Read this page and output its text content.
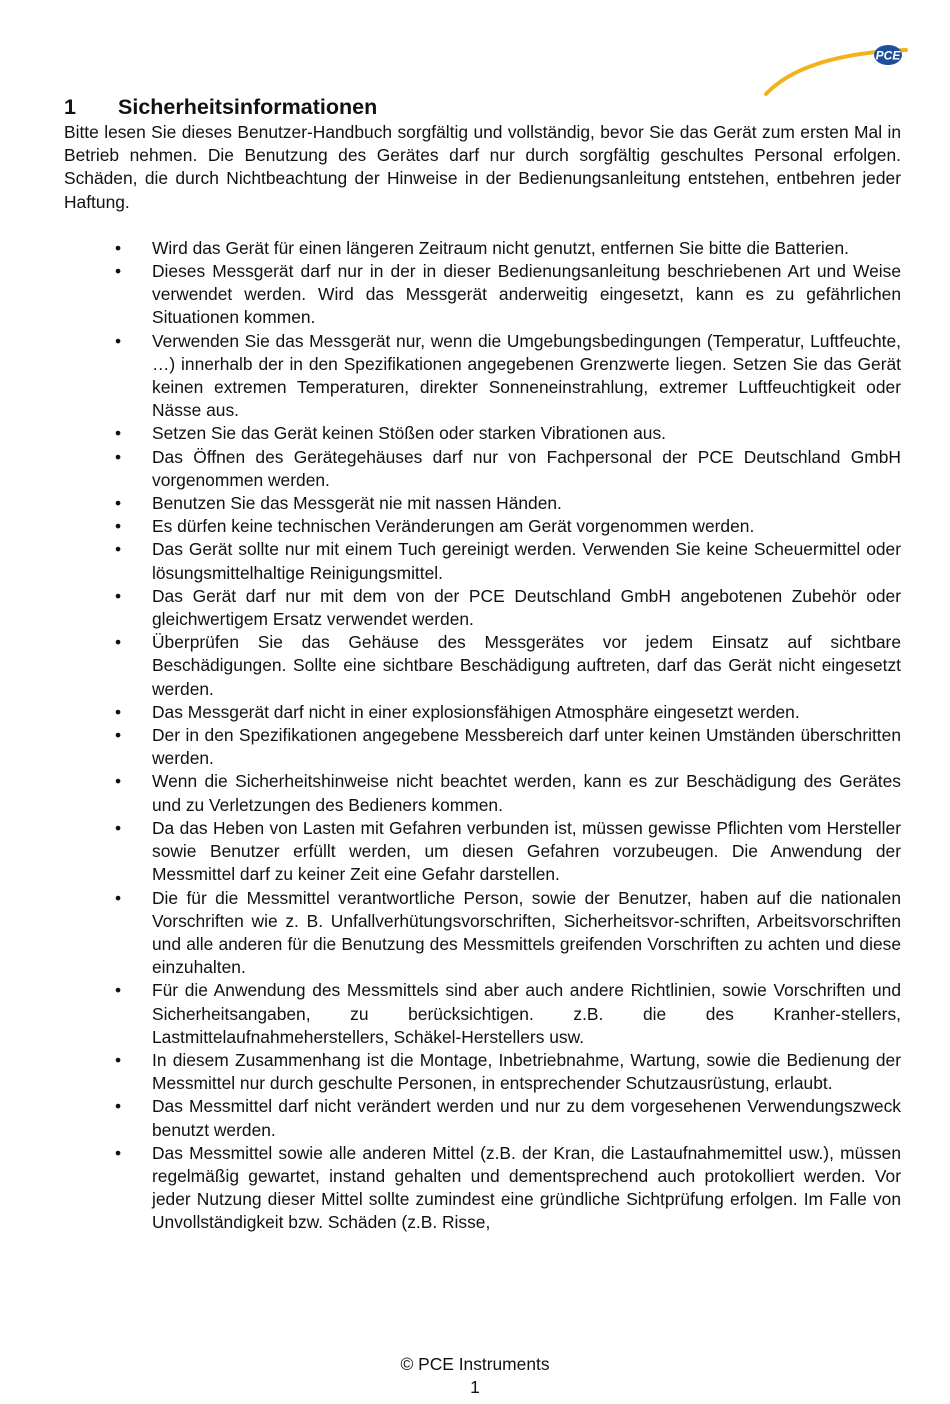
PCE
1	Sicherheitsinformationen

Bitte lesen Sie dieses Benutzer-Handbuch sorgfältig und vollständig, bevor Sie das Gerät zum ersten Mal in Betrieb nehmen. Die Benutzung des Gerätes darf nur durch sorgfältig geschultes Personal erfolgen. Schäden, die durch Nichtbeachtung der Hinweise in der Bedienungsanleitung entstehen, entbehren jeder Haftung.

•	Wird das Gerät für einen längeren Zeitraum nicht genutzt, entfernen Sie bitte die Batterien.
•	Dieses Messgerät darf nur in der in dieser Bedienungsanleitung beschriebenen Art und Weise verwendet werden. Wird das Messgerät anderweitig eingesetzt, kann es zu gefährlichen Situationen kommen.
•	Verwenden Sie das Messgerät nur, wenn die Umgebungsbedingungen (Temperatur, Luftfeuchte, …) innerhalb der in den Spezifikationen angegebenen Grenzwerte liegen. Setzen Sie das Gerät keinen extremen Temperaturen, direkter Sonneneinstrahlung, extremer Luftfeuchtigkeit oder Nässe aus.
•	Setzen Sie das Gerät keinen Stößen oder starken Vibrationen aus.
•	Das Öffnen des Gerätegehäuses darf nur von Fachpersonal der PCE Deutschland GmbH vorgenommen werden.
•	Benutzen Sie das Messgerät nie mit nassen Händen.
•	Es dürfen keine technischen Veränderungen am Gerät vorgenommen werden.
•	Das Gerät sollte nur mit einem Tuch gereinigt werden. Verwenden Sie keine Scheuermittel oder lösungsmittelhaltige Reinigungsmittel.
•	Das Gerät darf nur mit dem von der PCE Deutschland GmbH angebotenen Zubehör oder gleichwertigem Ersatz verwendet werden.
•	Überprüfen Sie das Gehäuse des Messgerätes vor jedem Einsatz auf sichtbare Beschädigungen. Sollte eine sichtbare Beschädigung auftreten, darf das Gerät nicht eingesetzt werden.
•	Das Messgerät darf nicht in einer explosionsfähigen Atmosphäre eingesetzt werden.
•	Der in den Spezifikationen angegebene Messbereich darf unter keinen Umständen überschritten werden.
•	Wenn die Sicherheitshinweise nicht beachtet werden, kann es zur Beschädigung des Gerätes und zu Verletzungen des Bedieners kommen.
•	Da das Heben von Lasten mit Gefahren verbunden ist, müssen gewisse Pflichten vom Hersteller sowie Benutzer erfüllt werden, um diesen Gefahren vorzubeugen. Die Anwendung der Messmittel darf zu keiner Zeit eine Gefahr darstellen.
•	Die für die Messmittel verantwortliche Person, sowie der Benutzer, haben auf die nationalen Vorschriften wie z. B. Unfallverhütungsvorschriften, Sicherheitsvor-schriften, Arbeitsvorschriften und alle anderen für die Benutzung des Messmittels greifenden Vorschriften zu achten und diese einzuhalten.
•	Für die Anwendung des Messmittels sind aber auch andere Richtlinien, sowie Vorschriften und Sicherheitsangaben, zu berücksichtigen. z.B. die des Kranher-stellers, Lastmittelaufnahmeherstellers, Schäkel-Herstellers usw.
•	In diesem Zusammenhang ist die Montage, Inbetriebnahme, Wartung, sowie die Bedienung der Messmittel nur durch geschulte Personen, in entsprechender Schutzausrüstung, erlaubt.
•	Das Messmittel darf nicht verändert werden und nur zu dem vorgesehenen Verwendungszweck benutzt werden.
•	Das Messmittel sowie alle anderen Mittel (z.B. der Kran, die Lastaufnahmemittel usw.), müssen regelmäßig gewartet, instand gehalten und dementsprechend auch protokolliert werden. Vor jeder Nutzung dieser Mittel sollte zumindest eine gründliche Sichtprüfung erfolgen. Im Falle von Unvollständigkeit bzw. Schäden (z.B. Risse,
© PCE Instruments
1
